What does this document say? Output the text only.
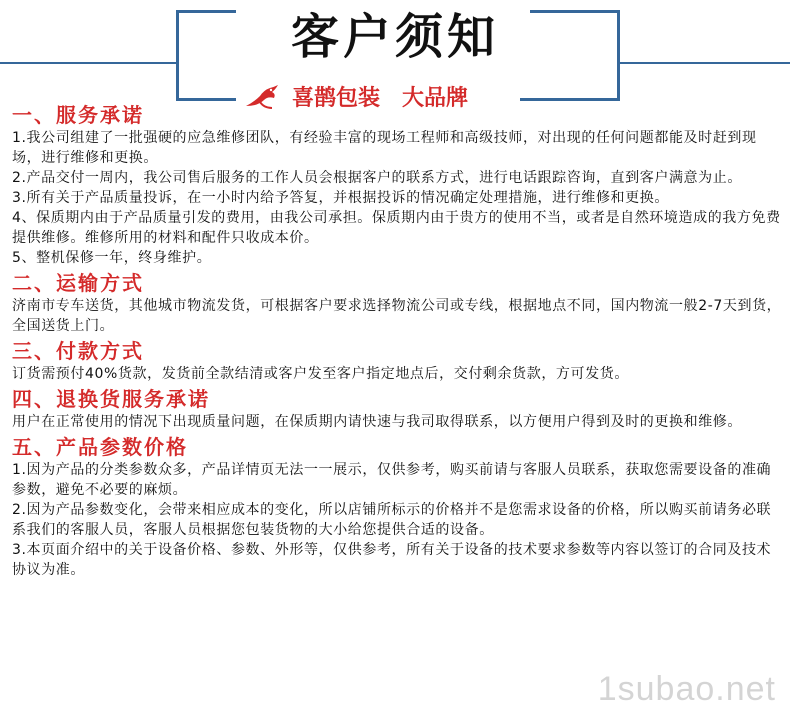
客户须知
喜鹊包装 大品牌
一、服务承诺

1.我公司组建了一批强硬的应急维修团队，有经验丰富的现场工程师和高级技师，对出现的任何问题都能及时赶到现场，进行维修和更换。

2.产品交付一周内，我公司售后服务的工作人员会根据客户的联系方式，进行电话跟踪咨询，直到客户满意为止。

3.所有关于产品质量投诉，在一小时内给予答复，并根据投诉的情况确定处理措施，进行维修和更换。

4、保质期内由于产品质量引发的费用，由我公司承担。保质期内由于贵方的使用不当，或者是自然环境造成的我方免费提供维修。维修所用的材料和配件只收成本价。

5、整机保修一年，终身维护。

二、运输方式

济南市专车送货，其他城市物流发货，可根据客户要求选择物流公司或专线，根据地点不同，国内物流一般2-7天到货，全国送货上门。

三、付款方式

订货需预付40%货款，发货前全款结清或客户发至客户指定地点后，交付剩余货款，方可发货。

四、退换货服务承诺

用户在正常使用的情况下出现质量问题，在保质期内请快速与我司取得联系，以方便用户得到及时的更换和维修。

五、产品参数价格

1.因为产品的分类参数众多，产品详情页无法一一展示，仅供参考，购买前请与客服人员联系，获取您需要设备的准确参数，避免不必要的麻烦。

2.因为产品参数变化，会带来相应成本的变化，所以店铺所标示的价格并不是您需求设备的价格，所以购买前请务必联系我们的客服人员，客服人员根据您包装货物的大小给您提供合适的设备。

3.本页面介绍中的关于设备价格、参数、外形等，仅供参考，所有关于设备的技术要求参数等内容以签订的合同及技术协议为准。

1subao.net
